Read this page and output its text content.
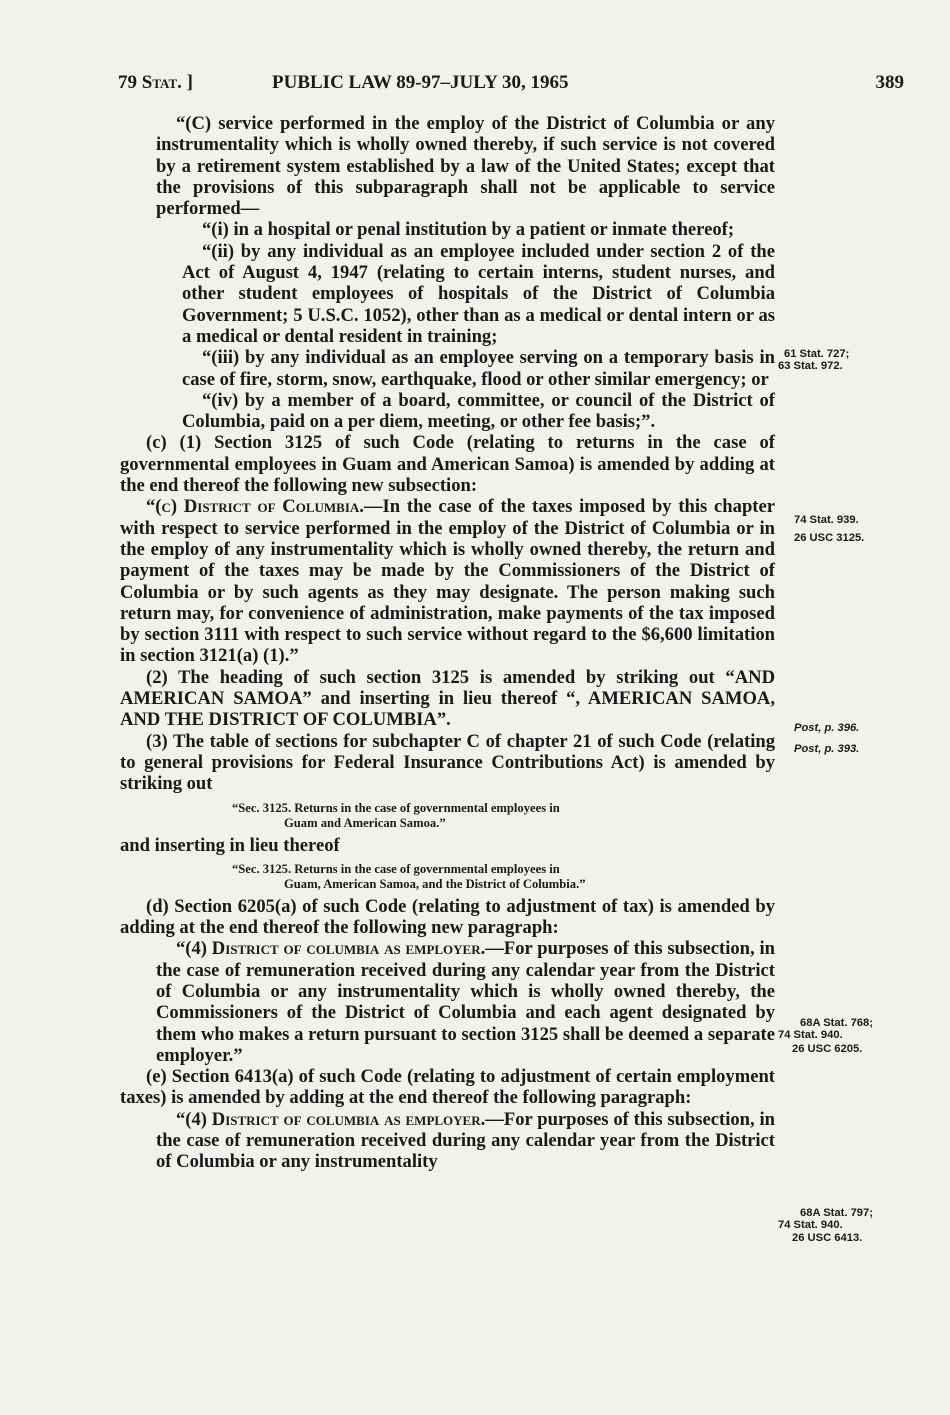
79 Stat. ]	PUBLIC LAW 89-97–JULY 30, 1965	389

“(C) service performed in the employ of the District of Columbia or any instrumentality which is wholly owned thereby, if such service is not covered by a retirement system established by a law of the United States; except that the provisions of this subparagraph shall not be applicable to service performed—

“(i) in a hospital or penal institution by a patient or inmate thereof;

“(ii) by any individual as an employee included under section 2 of the Act of August 4, 1947 (relating to certain interns, student nurses, and other student employees of hospitals of the District of Columbia Government; 5 U.S.C. 1052), other than as a medical or dental intern or as a medical or dental resident in training;

“(iii) by any individual as an employee serving on a temporary basis in case of fire, storm, snow, earthquake, flood or other similar emergency; or

“(iv) by a member of a board, committee, or council of the District of Columbia, paid on a per diem, meeting, or other fee basis;”.

(c) (1) Section 3125 of such Code (relating to returns in the case of governmental employees in Guam and American Samoa) is amended by adding at the end thereof the following new subsection:

“(c) District of Columbia.—In the case of the taxes imposed by this chapter with respect to service performed in the employ of the District of Columbia or in the employ of any instrumentality which is wholly owned thereby, the return and payment of the taxes may be made by the Commissioners of the District of Columbia or by such agents as they may designate. The person making such return may, for convenience of administration, make payments of the tax imposed by section 3111 with respect to such service without regard to the $6,600 limitation in section 3121(a) (1).”

(2) The heading of such section 3125 is amended by striking out “AND AMERICAN SAMOA” and inserting in lieu thereof “, AMERICAN SAMOA, AND THE DISTRICT OF COLUMBIA”.

(3) The table of sections for subchapter C of chapter 21 of such Code (relating to general provisions for Federal Insurance Contributions Act) is amended by striking out

“Sec. 3125. Returns in the case of governmental employees in
Guam and American Samoa.”

and inserting in lieu thereof

“Sec. 3125. Returns in the case of governmental employees in
Guam, American Samoa, and the District of Columbia.”

(d) Section 6205(a) of such Code (relating to adjustment of tax) is amended by adding at the end thereof the following new paragraph:

“(4) District of columbia as employer.—For purposes of this subsection, in the case of remuneration received during any calendar year from the District of Columbia or any instrumentality which is wholly owned thereby, the Commissioners of the District of Columbia and each agent designated by them who makes a return pursuant to section 3125 shall be deemed a separate employer.”

(e) Section 6413(a) of such Code (relating to adjustment of certain employment taxes) is amended by adding at the end thereof the following paragraph:

“(4) District of columbia as employer.—For purposes of this subsection, in the case of remuneration received during any calendar year from the District of Columbia or any instrumentality

61 Stat. 727;
63 Stat. 972.
74 Stat. 939.
26 USC 3125.
Post, p. 396.
Post, p. 393.
68A Stat. 768;
74 Stat. 940.
26 USC 6205.
68A Stat. 797;
74 Stat. 940.
26 USC 6413.
